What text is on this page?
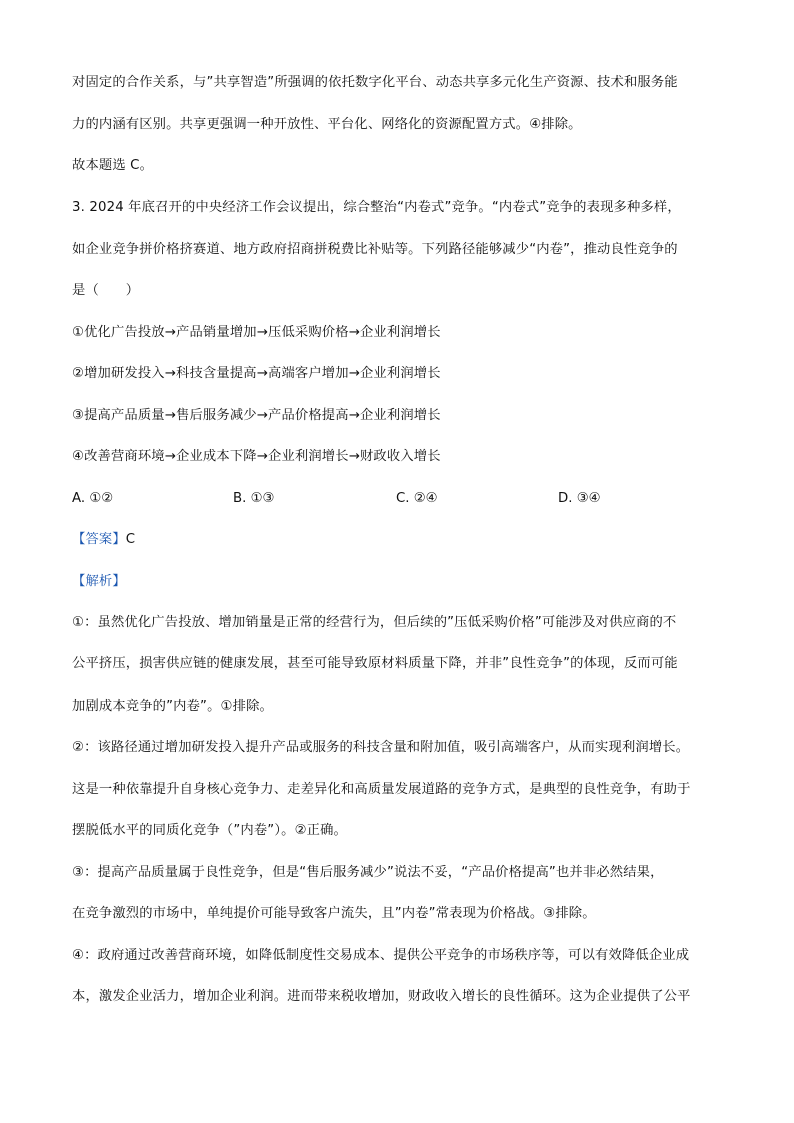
对固定的合作关系，与”共享智造”所强调的依托数字化平台、动态共享多元化生产资源、技术和服务能

力的内涵有区别。共享更强调一种开放性、平台化、网络化的资源配置方式。④排除。

故本题选 C。

3. 2024 年底召开的中央经济工作会议提出，综合整治“内卷式”竞争。“内卷式”竞争的表现多种多样，

如企业竞争拼价格挤赛道、地方政府招商拼税费比补贴等。下列路径能够减少“内卷”，推动良性竞争的

是（　　）

①优化广告投放→产品销量增加→压低采购价格→企业利润增长

②增加研发投入→科技含量提高→高端客户增加→企业利润增长

③提高产品质量→售后服务减少→产品价格提高→企业利润增长

④改善营商环境→企业成本下降→企业利润增长→财政收入增长

A. ①②	B. ①③	C. ②④	D. ③④

【答案】C

【解析】

①：虽然优化广告投放、增加销量是正常的经营行为，但后续的”压低采购价格”可能涉及对供应商的不

公平挤压，损害供应链的健康发展，甚至可能导致原材料质量下降，并非”良性竞争”的体现，反而可能

加剧成本竞争的”内卷”。①排除。

②：该路径通过增加研发投入提升产品或服务的科技含量和附加值，吸引高端客户，从而实现利润增长。

这是一种依靠提升自身核心竞争力、走差异化和高质量发展道路的竞争方式，是典型的良性竞争，有助于

摆脱低水平的同质化竞争（”内卷”）。②正确。

③：提高产品质量属于良性竞争，但是“售后服务减少”说法不妥，“产品价格提高”也并非必然结果，

在竞争激烈的市场中，单纯提价可能导致客户流失，且”内卷”常表现为价格战。③排除。

④：政府通过改善营商环境，如降低制度性交易成本、提供公平竞争的市场秩序等，可以有效降低企业成

本，激发企业活力，增加企业利润。进而带来税收增加，财政收入增长的良性循环。这为企业提供了公平
